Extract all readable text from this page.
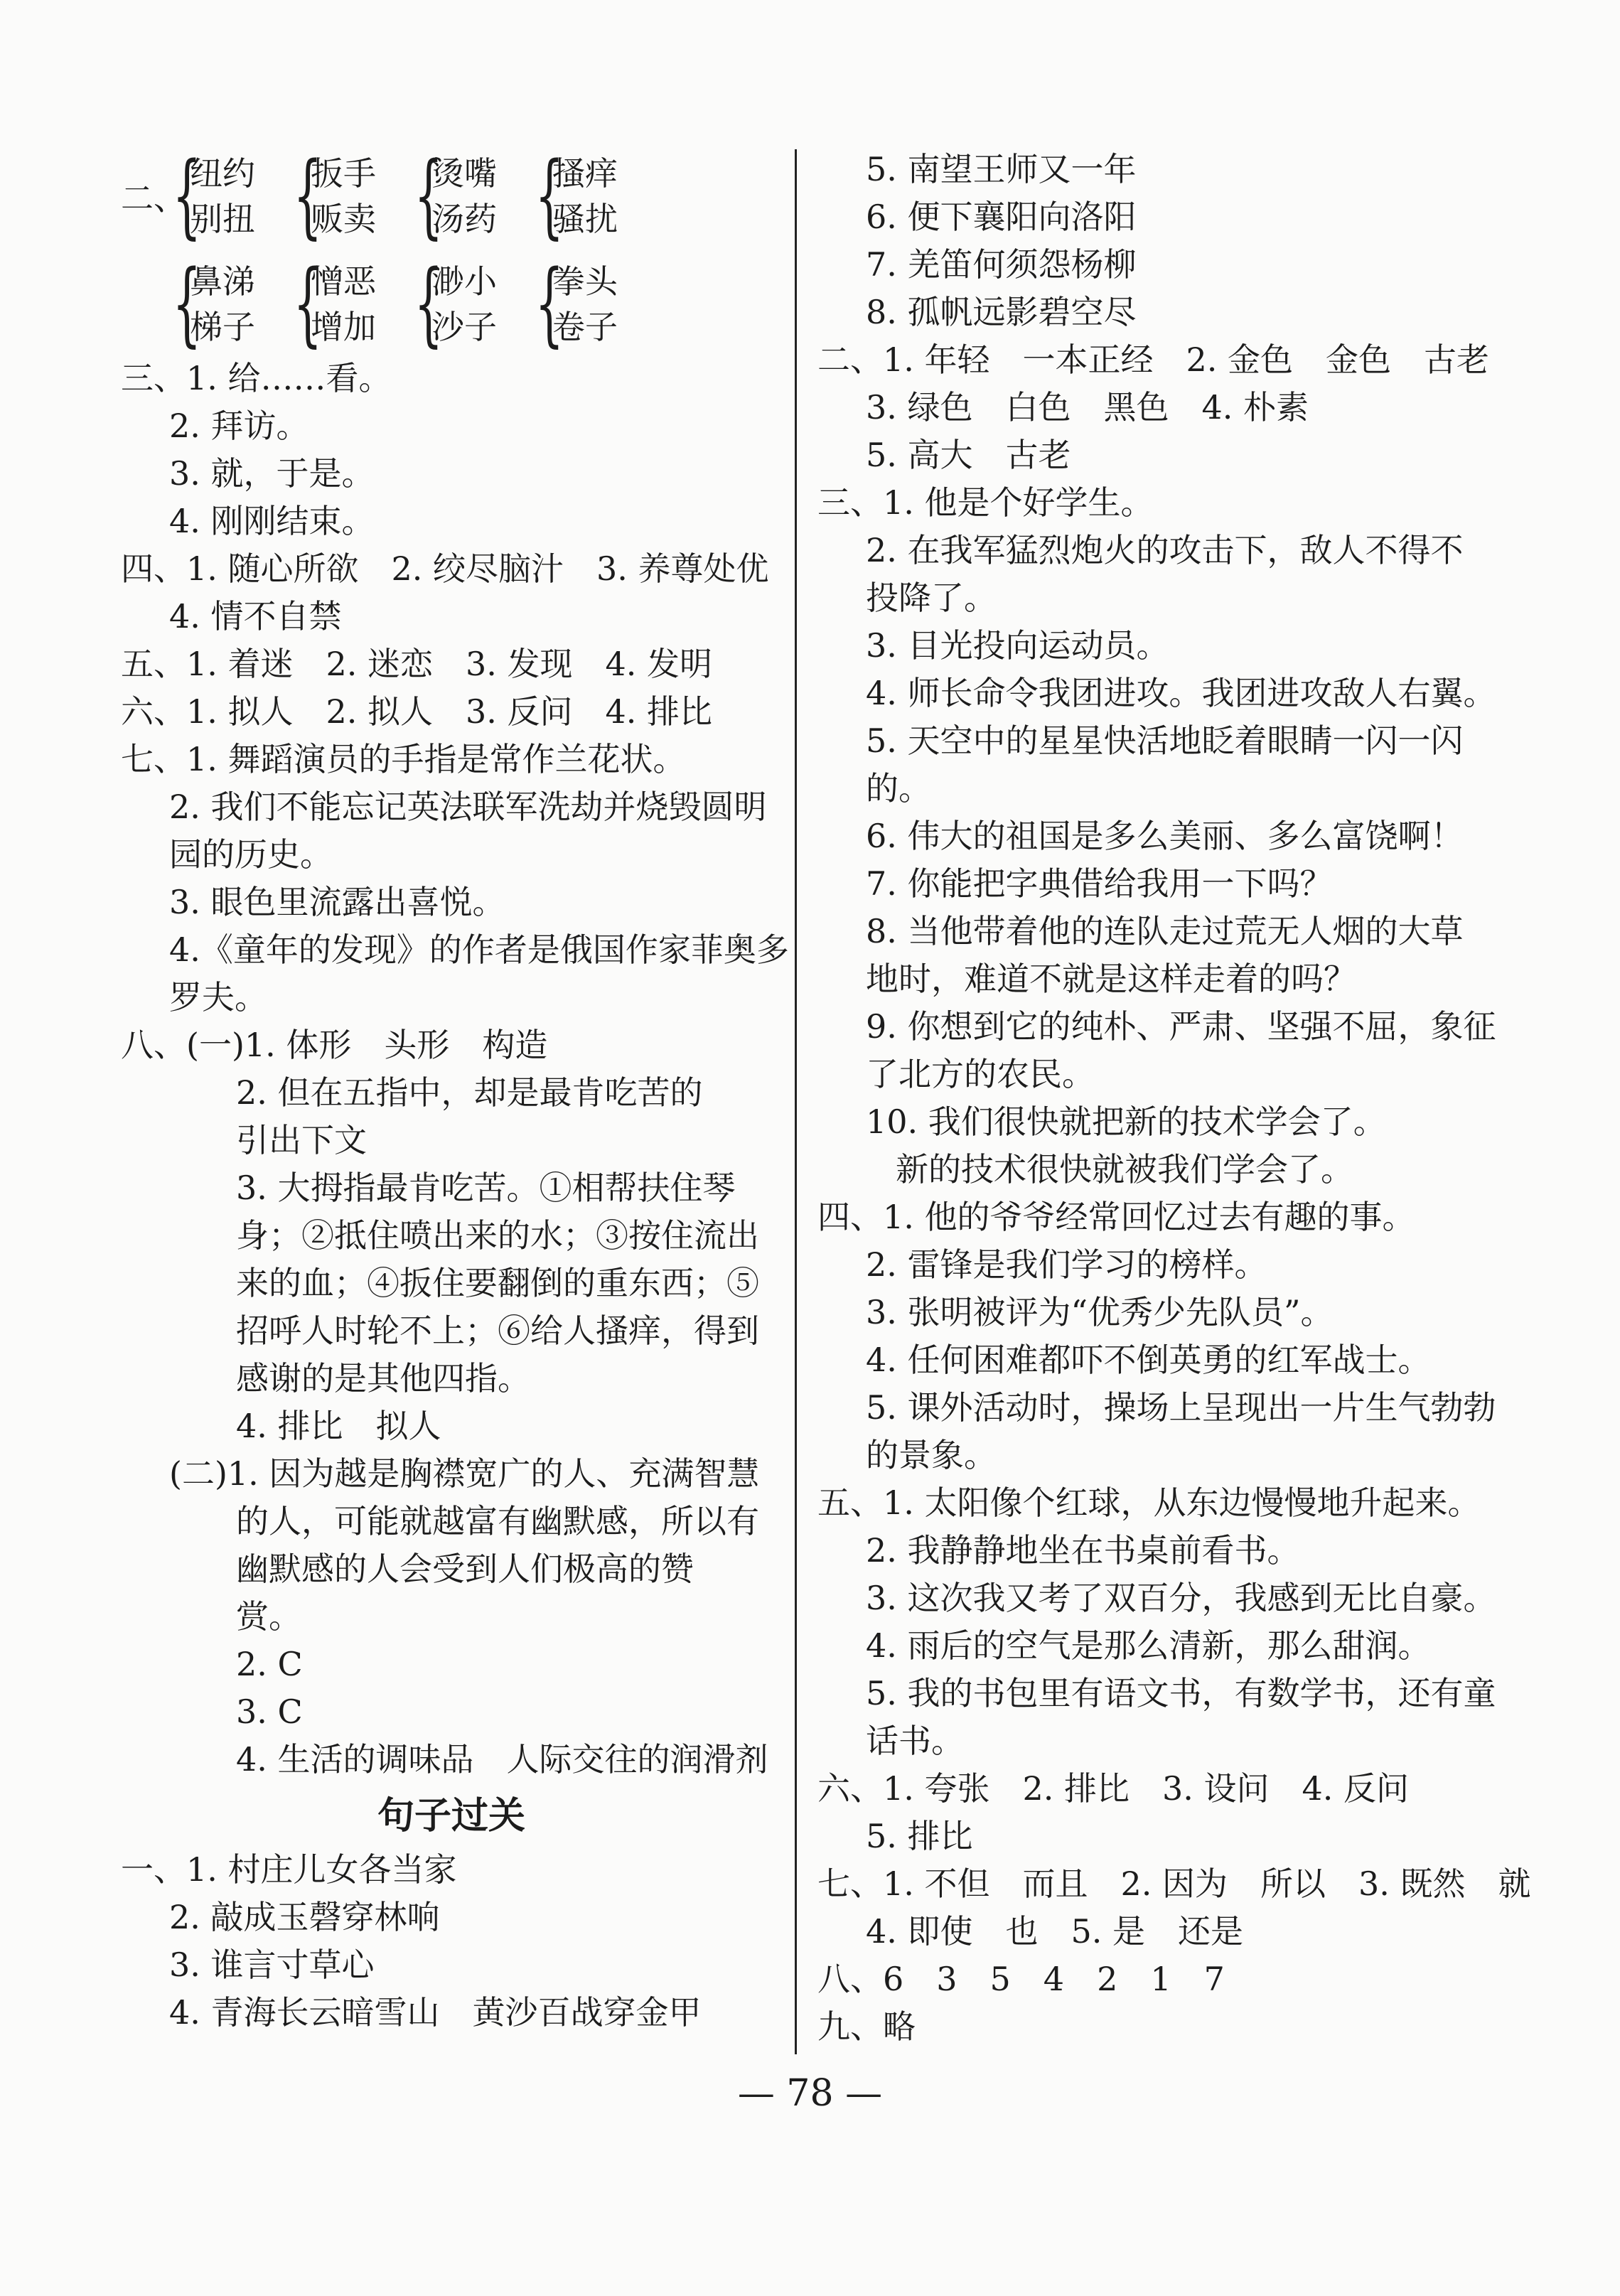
二、
{
纽约
别扭 {
扳手
贩卖 {
烫嘴
汤药 {
搔痒
骚扰
{
鼻涕
梯子 {
憎恶
增加 {
渺小
沙子 {
拳头
卷子
三、1. 给……看。
2. 拜访。
3. 就，于是。
4. 刚刚结束。
四、1. 随心所欲　2. 绞尽脑汁　3. 养尊处优
4. 情不自禁
五、1. 着迷　2. 迷恋　3. 发现　4. 发明
六、1. 拟人　2. 拟人　3. 反问　4. 排比
七、1. 舞蹈演员的手指是常作兰花状。
2. 我们不能忘记英法联军洗劫并烧毁圆明
园的历史。
3. 眼色里流露出喜悦。
4.《童年的发现》的作者是俄国作家菲奥多
罗夫。
八、(一)1. 体形　头形　构造
2. 但在五指中，却是最肯吃苦的
引出下文
3. 大拇指最肯吃苦。①相帮扶住琴
身；②抵住喷出来的水；③按住流出
来的血；④扳住要翻倒的重东西；⑤
招呼人时轮不上；⑥给人搔痒，得到
感谢的是其他四指。
4. 排比　拟人
(二)1. 因为越是胸襟宽广的人、充满智慧
的人，可能就越富有幽默感，所以有
幽默感的人会受到人们极高的赞
赏。
2. C
3. C
4. 生活的调味品　人际交往的润滑剂
句子过关
一、1. 村庄儿女各当家
2. 敲成玉磬穿林响
3. 谁言寸草心
4. 青海长云暗雪山　黄沙百战穿金甲
5. 南望王师又一年
6. 便下襄阳向洛阳
7. 羌笛何须怨杨柳
8. 孤帆远影碧空尽
二、1. 年轻　一本正经　2. 金色　金色　古老
3. 绿色　白色　黑色　4. 朴素
5. 高大　古老
三、1. 他是个好学生。
2. 在我军猛烈炮火的攻击下，敌人不得不
投降了。
3. 目光投向运动员。
4. 师长命令我团进攻。我团进攻敌人右翼。
5. 天空中的星星快活地眨着眼睛一闪一闪
的。
6. 伟大的祖国是多么美丽、多么富饶啊！
7. 你能把字典借给我用一下吗？
8. 当他带着他的连队走过荒无人烟的大草
地时，难道不就是这样走着的吗？
9. 你想到它的纯朴、严肃、坚强不屈，象征
了北方的农民。
10. 我们很快就把新的技术学会了。
新的技术很快就被我们学会了。
四、1. 他的爷爷经常回忆过去有趣的事。
2. 雷锋是我们学习的榜样。
3. 张明被评为“优秀少先队员”。
4. 任何困难都吓不倒英勇的红军战士。
5. 课外活动时，操场上呈现出一片生气勃勃
的景象。
五、1. 太阳像个红球，从东边慢慢地升起来。
2. 我静静地坐在书桌前看书。
3. 这次我又考了双百分，我感到无比自豪。
4. 雨后的空气是那么清新，那么甜润。
5. 我的书包里有语文书，有数学书，还有童
话书。
六、1. 夸张　2. 排比　3. 设问　4. 反问
5. 排比
七、1. 不但　而且　2. 因为　所以　3. 既然　就
4. 即使　也　5. 是　还是
八、6　3　5　4　2　1　7
九、略
— 78 —
